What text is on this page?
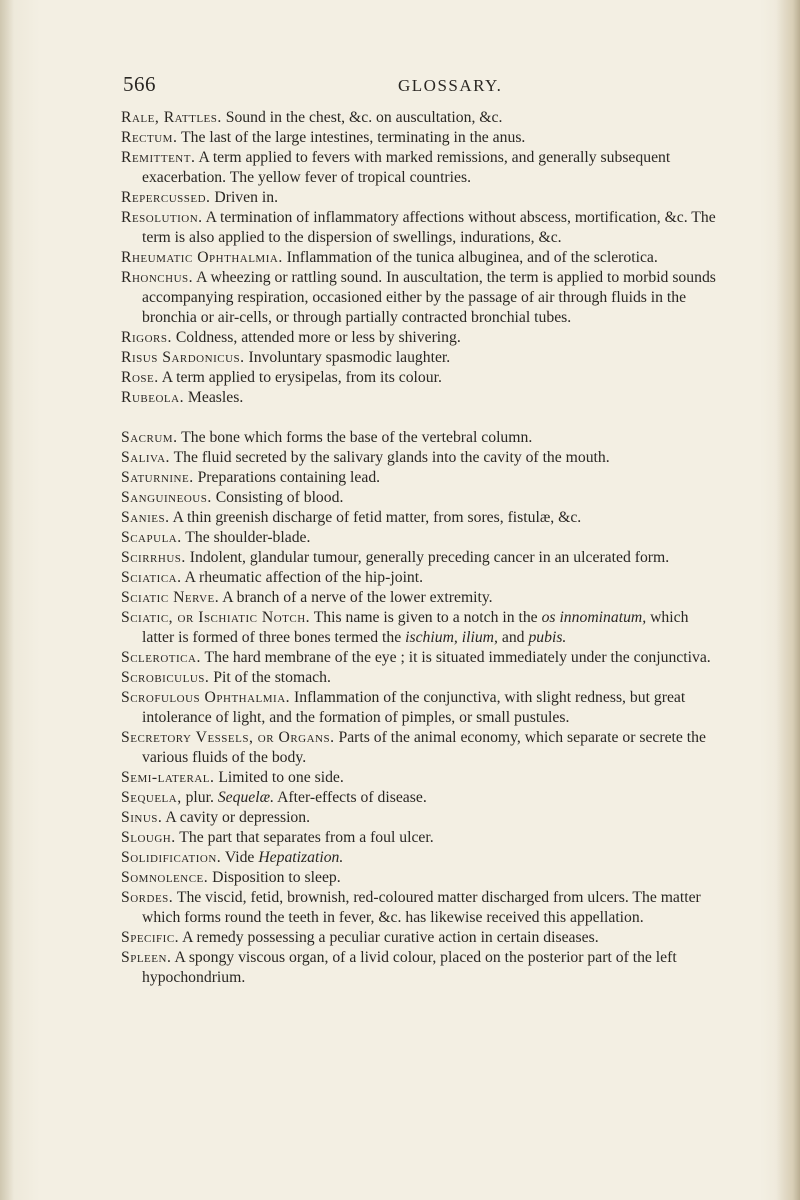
566	GLOSSARY.

Rale, Rattles. Sound in the chest, &c. on auscultation, &c.

Rectum. The last of the large intestines, terminating in the anus.

Remittent. A term applied to fevers with marked remissions, and generally subsequent exacerbation. The yellow fever of tropical countries.

Repercussed. Driven in.

Resolution. A termination of inflammatory affections without abscess, mortification, &c. The term is also applied to the dispersion of swellings, indurations, &c.

Rheumatic Ophthalmia. Inflammation of the tunica albuginea, and of the sclerotica.

Rhonchus. A wheezing or rattling sound. In auscultation, the term is applied to morbid sounds accompanying respiration, occasioned either by the passage of air through fluids in the bronchia or air-cells, or through partially contracted bronchial tubes.

Rigors. Coldness, attended more or less by shivering.

Risus Sardonicus. Involuntary spasmodic laughter.

Rose. A term applied to erysipelas, from its colour.

Rubeola. Measles.

Sacrum. The bone which forms the base of the vertebral column.

Saliva. The fluid secreted by the salivary glands into the cavity of the mouth.

Saturnine. Preparations containing lead.

Sanguineous. Consisting of blood.

Sanies. A thin greenish discharge of fetid matter, from sores, fistulæ, &c.

Scapula. The shoulder-blade.

Scirrhus. Indolent, glandular tumour, generally preceding cancer in an ulcerated form.

Sciatica. A rheumatic affection of the hip-joint.

Sciatic Nerve. A branch of a nerve of the lower extremity.

Sciatic, or Ischiatic Notch. This name is given to a notch in the os innominatum, which latter is formed of three bones termed the ischium, ilium, and pubis.

Sclerotica. The hard membrane of the eye ; it is situated immediately under the conjunctiva.

Scrobiculus. Pit of the stomach.

Scrofulous Ophthalmia. Inflammation of the conjunctiva, with slight redness, but great intolerance of light, and the formation of pimples, or small pustules.

Secretory Vessels, or Organs. Parts of the animal economy, which separate or secrete the various fluids of the body.

Semi-lateral. Limited to one side.

Sequela, plur. Sequelæ. After-effects of disease.

Sinus. A cavity or depression.

Slough. The part that separates from a foul ulcer.

Solidification. Vide Hepatization.

Somnolence. Disposition to sleep.

Sordes. The viscid, fetid, brownish, red-coloured matter discharged from ulcers. The matter which forms round the teeth in fever, &c. has likewise received this appellation.

Specific. A remedy possessing a peculiar curative action in certain diseases.

Spleen. A spongy viscous organ, of a livid colour, placed on the posterior part of the left hypochondrium.
